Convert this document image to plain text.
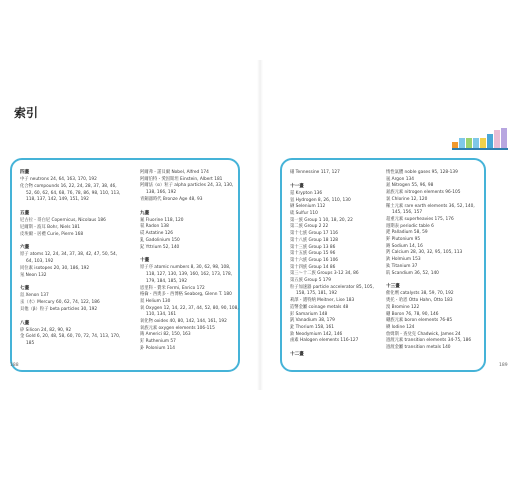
索引
四畫
中子 neutrons 24, 64, 163, 170, 192
化合物 compounds 16, 22, 24, 28, 37, 38, 46, 52, 60, 62, 64, 68, 76, 78, 86, 98, 110, 113, 118, 137, 142, 149, 151, 192
五畫
尼古拉・哥白尼 Copernicus, Nicolaus 186
尼爾斯・波耳 Bohr, Niels 181
皮埃爾・居禮 Curie, Pierre 168
六畫
原子 atoms 12, 24, 34, 37, 38, 42, 47, 50, 54, 64, 103, 192
同位素 isotopes 20, 30, 186, 192
氖 Neon 132
七畫
氙 Xenon 137
汞（水）Mercury 60, 62, 74, 122, 186
貝他（β）粒子 beta particles 30, 192
八畫
矽 Silicon 24, 82, 90, 92
金 Gold 6, 20, 48, 58, 60, 70, 72, 74, 113, 170, 185
阿爾弗・諾貝爾 Nobel, Alfred 174
阿爾伯特・愛因斯坦 Einstein, Albert 181
阿爾法（α）粒子 alpha particles 24, 33, 130, 138, 166, 192
青銅器時代 Bronze Age 48, 93
九畫
氟 Fluorine 118, 120
氡 Radon 138
砹 Astatine 126
釓 Gadolinium 150
釔 Yttrium 52, 140
十畫
原子序 atomic numbers 8, 30, 62, 98, 108, 118, 127, 130, 139, 160, 162, 173, 178, 179, 184, 185, 192
恩里科・費米 Fermi, Enrico 172
格倫・西奧多・西博格 Seaborg, Glenn T. 180
氦 Helium 130
氧 Oxygen 12, 14, 22, 37, 44, 52, 80, 90, 108, 110, 134, 161
氧化物 oxides 40, 80, 142, 144, 161, 192
氧族元素 oxygen elements 106-115
鋂 Americi 82, 150, 163
釕 Ruthenium 57
釙 Polonium 114
鿬 Tennessine 117, 127
十一畫
氪 Krypton 136
氫 Hydrogen 8, 26, 110, 130
硒 Selenium 112
硫 Sulfur 110
第一族 Group 1 10, 18, 20, 22
第二族 Group 2 22
第十七族 Group 17 116
第十八族 Group 18 128
第十三族 Group 13 86
第十五族 Group 15 96
第十六族 Group 16 106
第十四族 Group 14 86
第三～十二族 Groups 3-12 34, 86
第五族 Group 5 179
粒子加速器 particle accelerator 85, 105, 158, 175, 181, 192
莉澤・邁特納 Meitner, Lise 183
造幣金屬 coinage metals 48
釤 Samarium 148
釩 Vanadium 38, 179
釷 Thorium 158, 161
釹 Neodymium 142, 146
鹵素 Halogen elements 116-127
十二畫
惰性氣體 noble gases 95, 128-139
氬 Argon 134
氮 Nitrogen 55, 96, 98
氮族元素 nitrogen elements 96-105
氯 Chlorine 12, 120
稀土元素 rare earth elements 36, 52, 140, 145, 156, 157
超重元素 superheavies 175, 176
週期表 periodic table 6
鈀 Palladium 58, 59
鈈 Plutonium 95
鈉 Sodium 14, 16
鈣 Calcium 28, 30, 32, 95, 105, 113
鈥 Holmium 153
鈦 Titanium 37
鈧 Scandium 36, 52, 140
十三畫
催化劑 catalysts 38, 59, 70, 192
奧托・哈恩 Otto Hahn, Otto 183
溴 Bromine 122
硼 Boron 76, 78, 90, 146
硼族元素 boron elements 76-85
碘 Iodine 124
詹姆斯・查兌克 Chadwick, James 24
過渡元素 transition elements 34-75, 186
過渡金屬 transition metals 140
188	189
